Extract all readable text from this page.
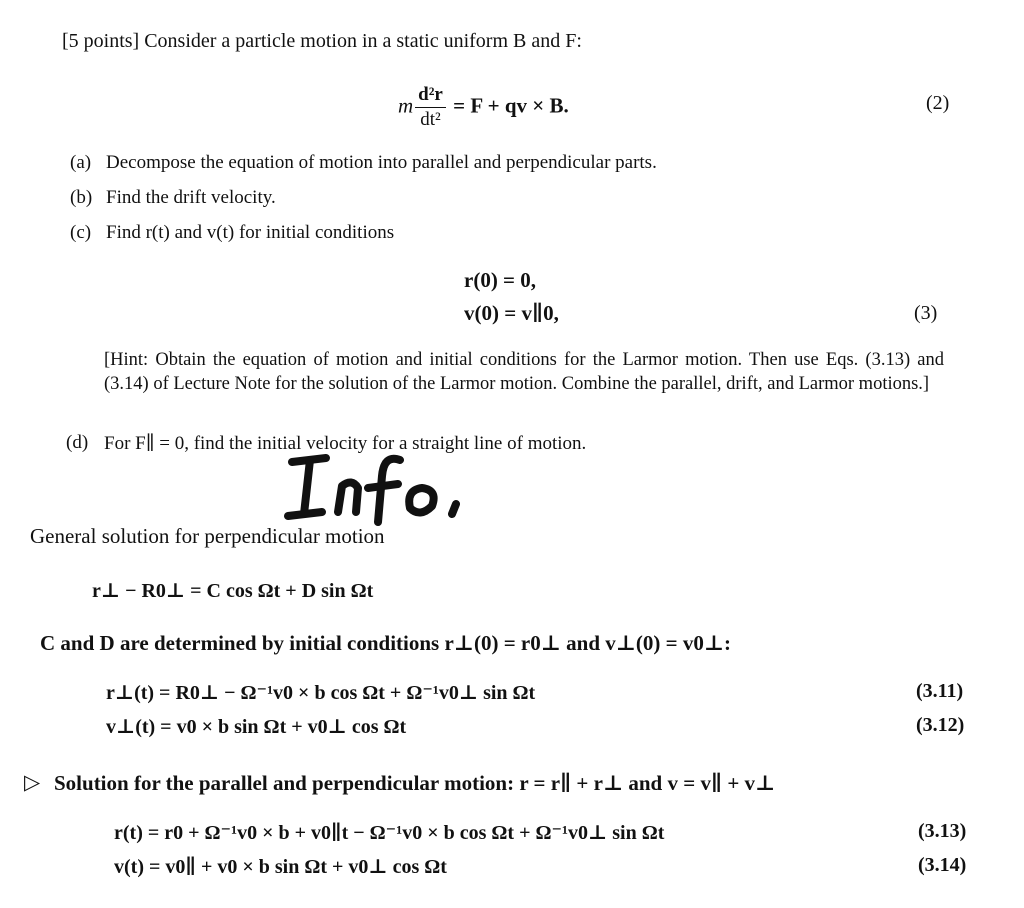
[5 points] Consider a particle motion in a static uniform B and F:
m $\frac{\text{d²r}}{\text{dt²}} = F$ + qv × B.	(2)
(a) Decompose the equation of motion into parallel and perpendicular parts.
(b) Find the drift velocity.
(c) Find r(t) and v(t) for initial conditions
r(0) = 0,
v(0) = v∥0,	(3)
[Hint: Obtain the equation of motion and initial conditions for the Larmor motion. Then use Eqs. (3.13) and (3.14) of Lecture Note for the solution of the Larmor motion. Combine the parallel, drift, and Larmor motions.]
(d) For F∥ = 0, find the initial velocity for a straight line of motion.
General solution for perpendicular motion
r⊥ − R0⊥ = C cos Ωt + D sin Ωt
C and D are determined by initial conditions r⊥(0) = r0⊥ and v⊥(0) = v0⊥:
r⊥(t) = R0⊥ − Ω⁻¹v0 × b cos Ωt + Ω⁻¹v0⊥ sin Ωt	(3.11)
v⊥(t) = v0 × b sin Ωt + v0⊥ cos Ωt	(3.12)
▷ Solution for the parallel and perpendicular motion: r = r∥ + r⊥ and v = v∥ + v⊥
r(t) = r0 + Ω⁻¹v0 × b + v0∥t − Ω⁻¹v0 × b cos Ωt + Ω⁻¹v0⊥ sin Ωt	(3.13)
v(t) = v0∥ + v0 × b sin Ωt + v0⊥ cos Ωt	(3.14)
